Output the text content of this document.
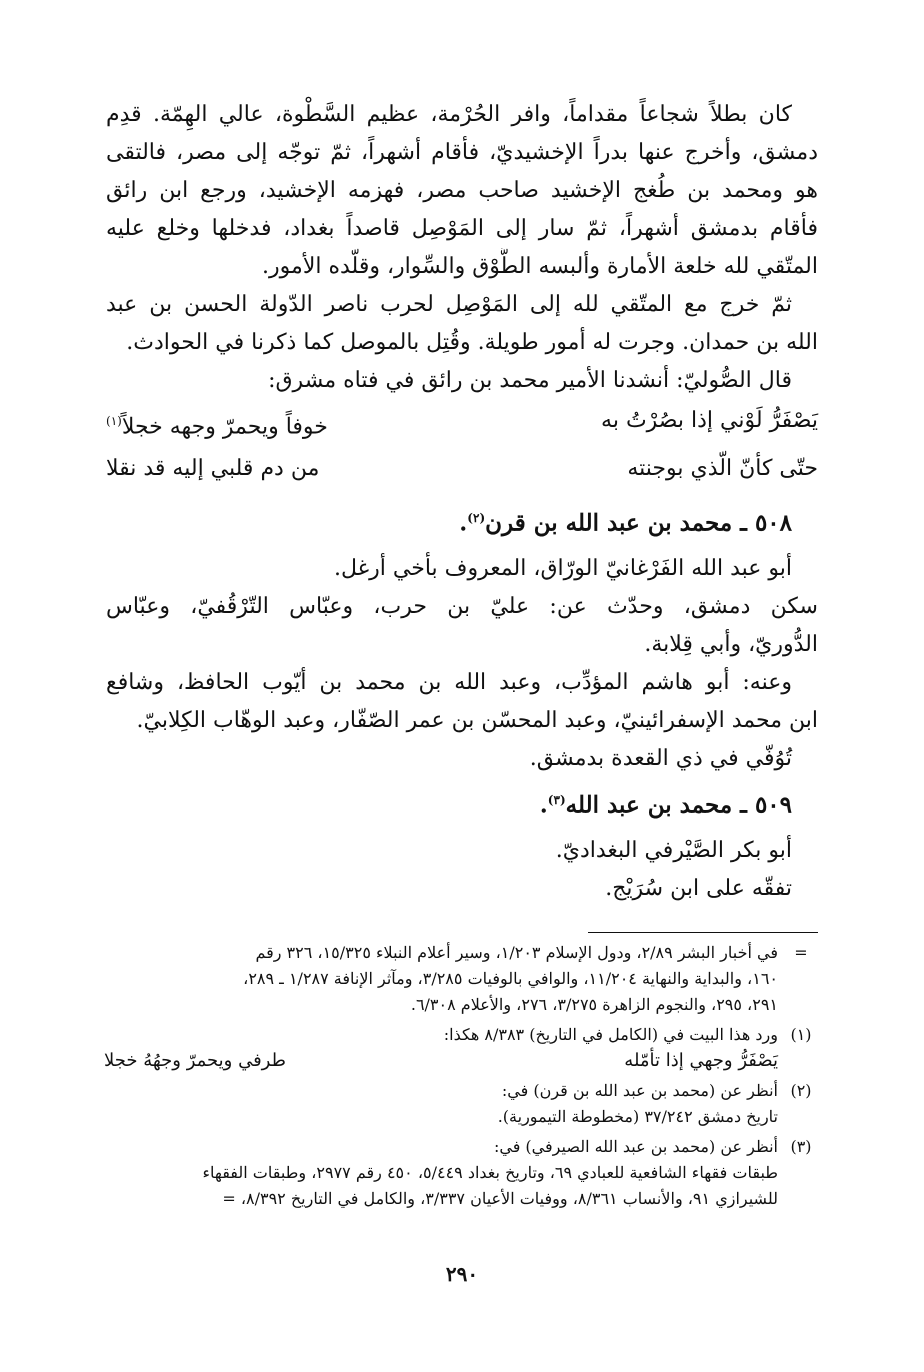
كان بطلاً شجاعاً مقداماً، وافر الحُرْمة، عظيم السَّطْوة، عالي الهِمّة. قدِم

دمشق، وأخرج عنها بدراً الإخشيديّ، فأقام أشهراً، ثمّ توجّه إلى مصر، فالتقى

هو ومحمد بن طُغج الإخشيد صاحب مصر، فهزمه الإخشيد، ورجع ابن رائق

فأقام بدمشق أشهراً، ثمّ سار إلى المَوْصِل قاصداً بغداد، فدخلها وخلع عليه

المتّقي لله خلعة الأمارة وألبسه الطَّوْق والسِّوار، وقلّده الأمور.

ثمّ خرج مع المتّقي لله إلى المَوْصِل لحرب ناصر الدّولة الحسن بن عبد

الله بن حمدان. وجرت له أمور طويلة. وقُتِل بالموصل كما ذكرنا في الحوادث.

قال الصُّوليّ: أنشدنا الأمير محمد بن رائق في فتاه مشرق:

يَصْفَرُّ لَوْني إذا بصُرْتُ به
خوفاً ويحمرّ وجهه خجلاً$^{(١)}$
حتّى كأنّ الّذي بوجنته
من دم قلبي إليه قد نقلا
٥٠٨ ـ محمد بن عبد الله بن قرن$^{(٢)}$.

أبو عبد الله الفَرْغانيّ الورّاق، المعروف بأخي أرغل.

سكن دمشق، وحدّث عن: عليّ بن حرب، وعبّاس التّرْقُفيّ، وعبّاس

الدُّوريّ، وأبي قِلابة.

وعنه: أبو هاشم المؤدِّب، وعبد الله بن محمد بن أيّوب الحافظ، وشافع

ابن محمد الإسفرائينيّ، وعبد المحسّن بن عمر الصّفّار، وعبد الوهّاب الكِلابيّ.

تُوُفّي في ذي القعدة بدمشق.

٥٠٩ ـ محمد بن عبد الله$^{(٣)}$.

أبو بكر الصَّيْرفي البغداديّ.

تفقّه على ابن سُرَيْج.

=
في أخبار البشر ٢/٨٩، ودول الإسلام ١/٢٠٣، وسير أعلام النبلاء ١٥/٣٢٥، ٣٢٦ رقم
١٦٠، والبداية والنهاية ١١/٢٠٤، والوافي بالوفيات ٣/٢٨٥، ومآثر الإنافة ١/٢٨٧ ـ ٢٨٩،
٢٩١، ٢٩٥، والنجوم الزاهرة ٣/٢٧٥، ٢٧٦، والأعلام ٦/٣٠٨.
(١)
ورد هذا البيت في (الكامل في التاريخ) ٨/٣٨٣ هكذا:
يَصْفَرُّ وجهي إذا تأمّله
طرفي ويحمرّ وجهُهُ خجلا
(٢)
أنظر عن (محمد بن عبد الله بن قرن) في:
تاريخ دمشق ٣٧/٢٤٢ (مخطوطة التيمورية).
(٣)
أنظر عن (محمد بن عبد الله الصيرفي) في:
طبقات فقهاء الشافعية للعبادي ٦٩، وتاريخ بغداد ٥/٤٤٩، ٤٥٠ رقم ٢٩٧٧، وطبقات الفقهاء
للشيرازي ٩١، والأنساب ٨/٣٦١، ووفيات الأعيان ٣/٣٣٧، والكامل في التاريخ ٨/٣٩٢، =
٢٩٠
